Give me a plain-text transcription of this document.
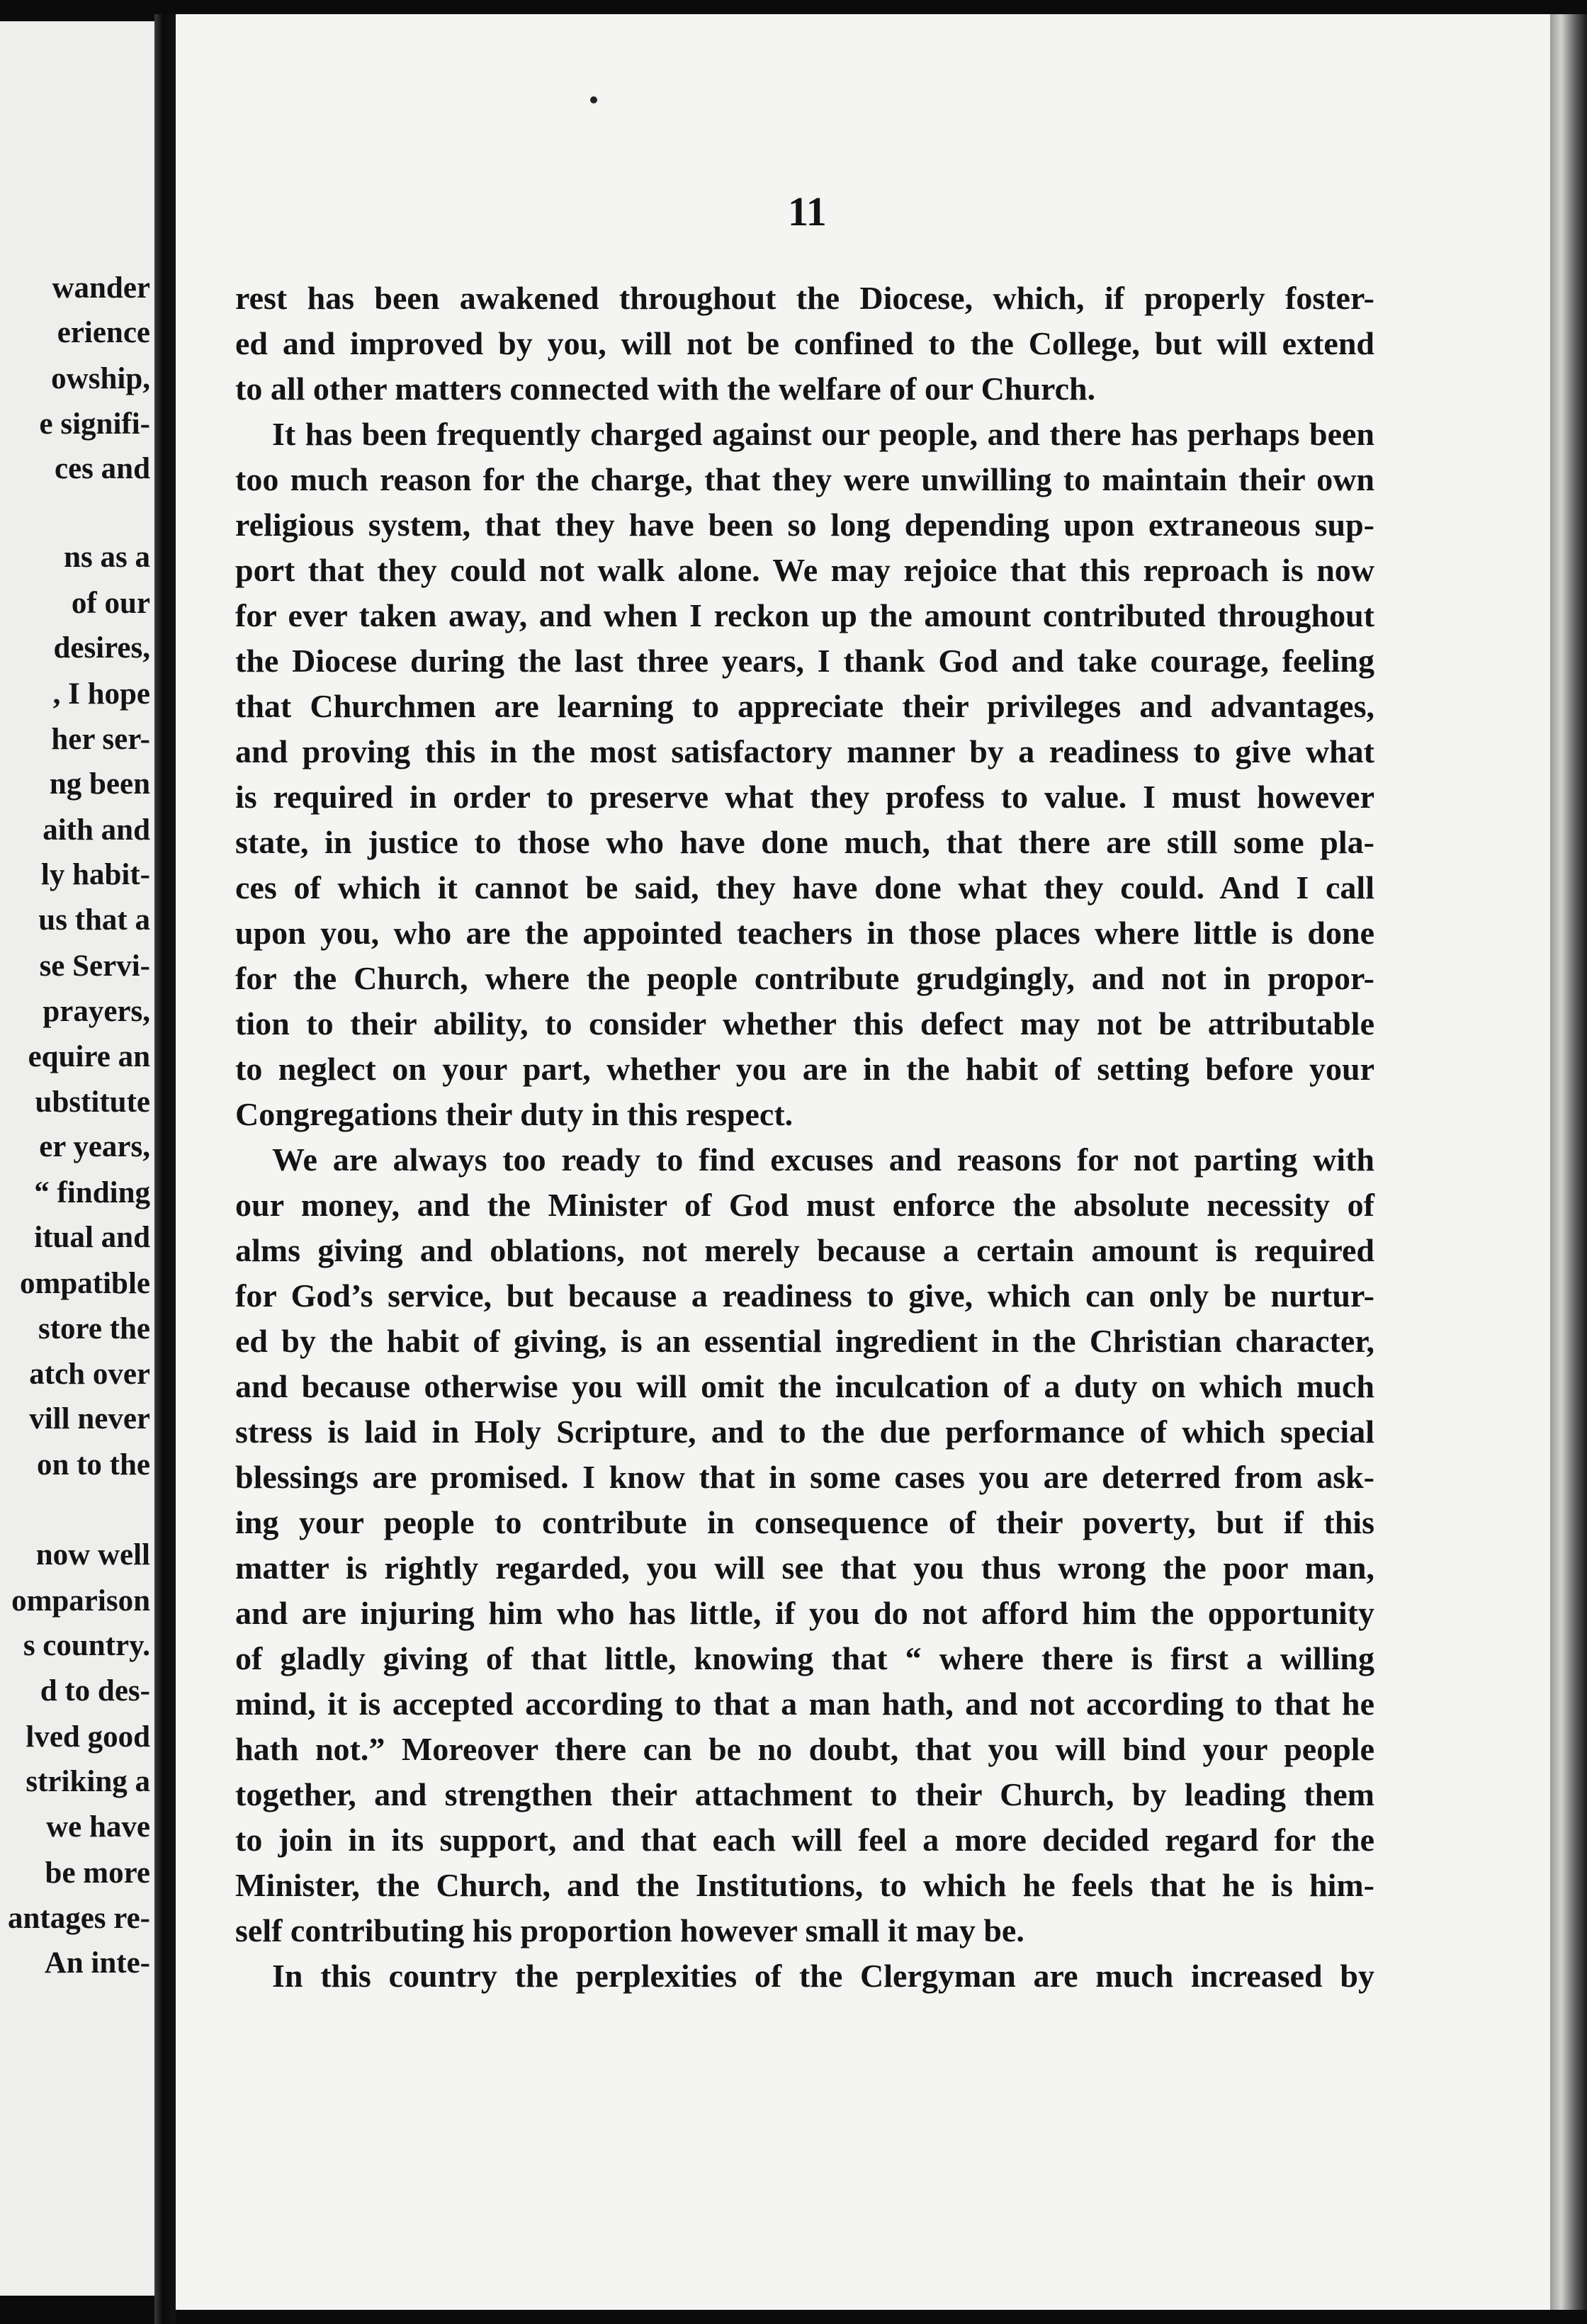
wander
erience
owship,
e signifi-
ces and
ns as a
of our
desires,
, I hope
her ser-
ng been
aith and
ly habit-
us that a
se Servi-
prayers,
equire an
ubstitute
er years,
“ finding
itual and
ompatible
store the
atch over
vill never
on to the
now well
omparison
s country.
d to des-
lved good
striking a
we have
be more
antages re-
An inte-
11
rest has been awakened throughout the Diocese, which, if properly foster-
ed and improved by you, will not be confined to the College, but will extend
to all other matters connected with the welfare of our Church.
It has been frequently charged against our people, and there has perhaps been
too much reason for the charge, that they were unwilling to maintain their own
religious system, that they have been so long depending upon extraneous sup-
port that they could not walk alone. We may rejoice that this reproach is now
for ever taken away, and when I reckon up the amount contributed throughout
the Diocese during the last three years, I thank God and take courage, feeling
that Churchmen are learning to appreciate their privileges and advantages,
and proving this in the most satisfactory manner by a readiness to give what
is required in order to preserve what they profess to value. I must however
state, in justice to those who have done much, that there are still some pla-
ces of which it cannot be said, they have done what they could. And I call
upon you, who are the appointed teachers in those places where little is done
for the Church, where the people contribute grudgingly, and not in propor-
tion to their ability, to consider whether this defect may not be attributable
to neglect on your part, whether you are in the habit of setting before your
Congregations their duty in this respect.
We are always too ready to find excuses and reasons for not parting with
our money, and the Minister of God must enforce the absolute necessity of
alms giving and oblations, not merely because a certain amount is required
for God’s service, but because a readiness to give, which can only be nurtur-
ed by the habit of giving, is an essential ingredient in the Christian character,
and because otherwise you will omit the inculcation of a duty on which much
stress is laid in Holy Scripture, and to the due performance of which special
blessings are promised. I know that in some cases you are deterred from ask-
ing your people to contribute in consequence of their poverty, but if this
matter is rightly regarded, you will see that you thus wrong the poor man,
and are injuring him who has little, if you do not afford him the opportunity
of gladly giving of that little, knowing that “ where there is first a willing
mind, it is accepted according to that a man hath, and not according to that he
hath not.” Moreover there can be no doubt, that you will bind your people
together, and strengthen their attachment to their Church, by leading them
to join in its support, and that each will feel a more decided regard for the
Minister, the Church, and the Institutions, to which he feels that he is him-
self contributing his proportion however small it may be.
In this country the perplexities of the Clergyman are much increased by
